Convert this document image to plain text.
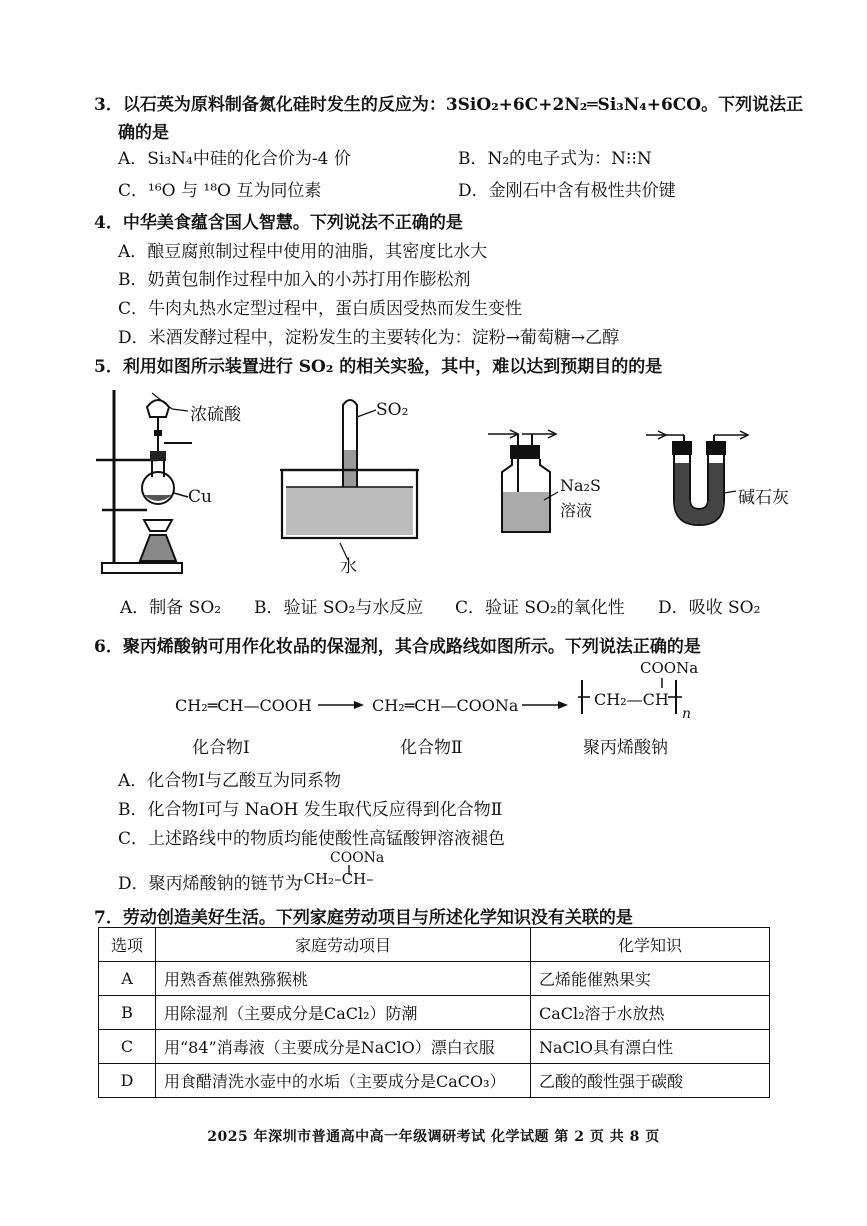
3．以石英为原料制备氮化硅时发生的反应为：3SiO₂+6C+2N₂═Si₃N₄+6CO。下列说法正
确的是
A．Si₃N₄中硅的化合价为-4 价	B．N₂的电子式为：N⁝⁝N
C．¹⁶O 与 ¹⁸O 互为同位素	D．金刚石中含有极性共价键
4．中华美食蕴含国人智慧。下列说法不正确的是
A．酿豆腐煎制过程中使用的油脂，其密度比水大
B．奶黄包制作过程中加入的小苏打用作膨松剂
C．牛肉丸热水定型过程中，蛋白质因受热而发生变性
D．米酒发酵过程中，淀粉发生的主要转化为：淀粉→葡萄糖→乙醇
5．利用如图所示装置进行 SO₂ 的相关实验，其中，难以达到预期目的的是
浓硫酸
Cu
SO₂
水
Na₂S
溶液
碱石灰
A．制备 SO₂ B．验证 SO₂与水反应 C．验证 SO₂的氧化性 D．吸收 SO₂
6．聚丙烯酸钠可用作化妆品的保湿剂，其合成路线如图所示。下列说法正确的是
CH₂═CH—COOH → CH₂═CH—COONa →
COONa
CH₂—CH
n
化合物Ⅰ	化合物Ⅱ	聚丙烯酸钠
A．化合物Ⅰ与乙酸互为同系物
B．化合物Ⅰ可与 NaOH 发生取代反应得到化合物Ⅱ
C．上述路线中的物质均能使酸性高锰酸钾溶液褪色
D．聚丙烯酸钠的链节为
COONa
–CH₂–CH–
7．劳动创造美好生活。下列家庭劳动项目与所述化学知识没有关联的是
选项	家庭劳动项目	化学知识
A	用熟香蕉催熟猕猴桃	乙烯能催熟果实
B	用除湿剂（主要成分是CaCl₂）防潮	CaCl₂溶于水放热
C	用“84”消毒液（主要成分是NaClO）漂白衣服	NaClO具有漂白性
D	用食醋清洗水壶中的水垢（主要成分是CaCO₃）	乙酸的酸性强于碳酸
2025 年深圳市普通高中高一年级调研考试 化学试题 第 2 页 共 8 页
